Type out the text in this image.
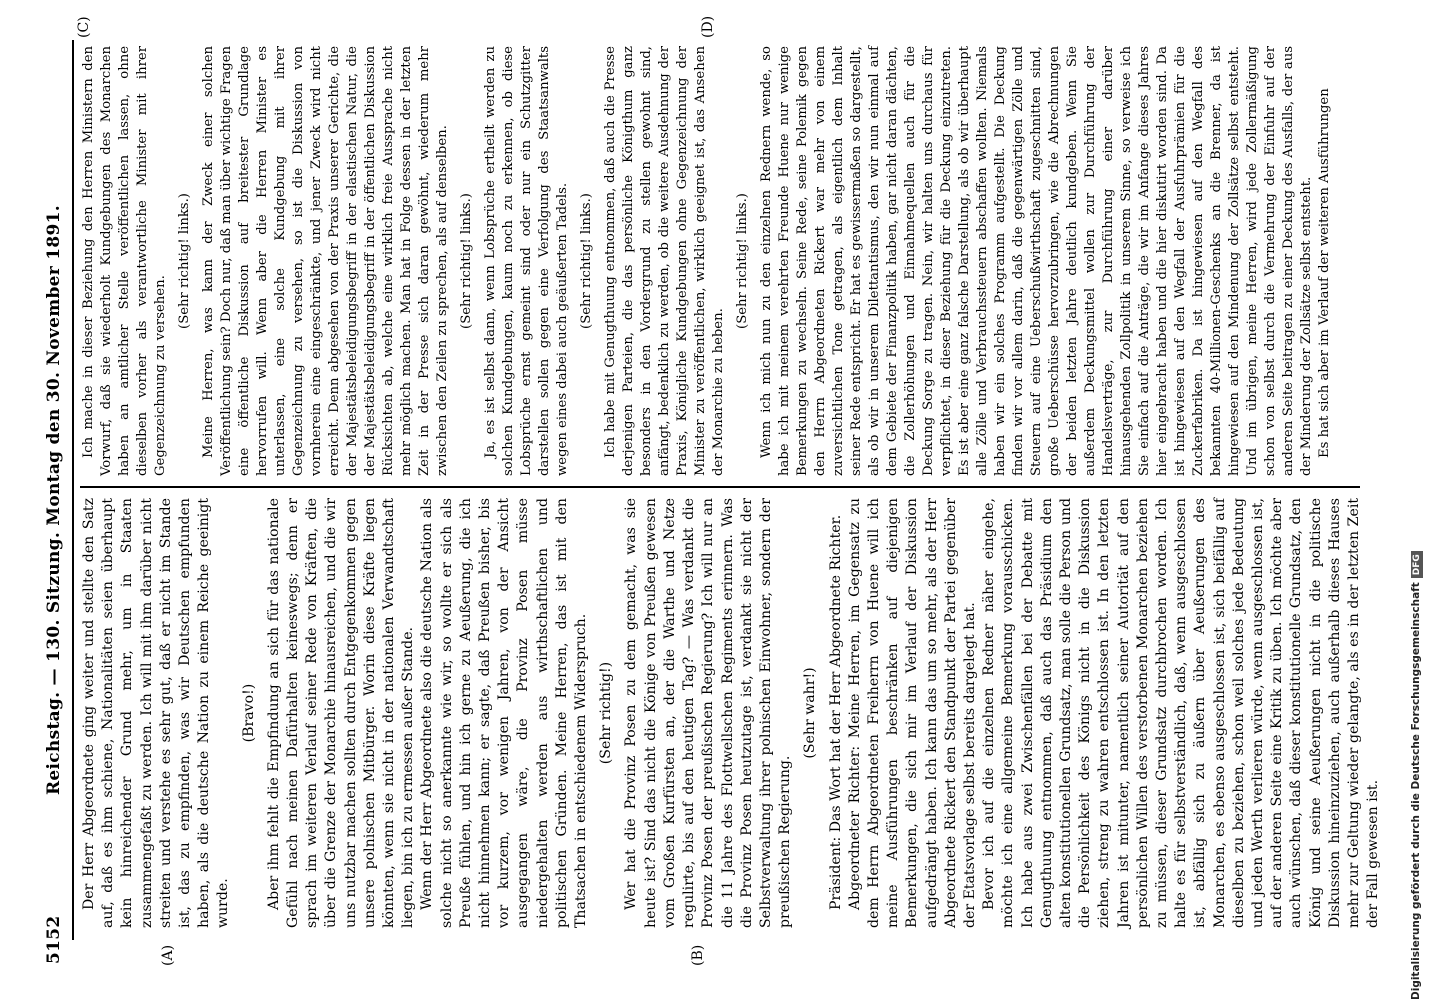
5152
Reichstag. — 130. Sitzung. Montag den 30. November 1891.
(A)	(B)
(C)	(D)

Der Herr Abgeordnete ging weiter und stellte den Satz auf, daß es ihm schiene, Nationalitäten seien überhaupt kein hinreichender Grund mehr, um in Staaten zusammengefaßt zu werden. Ich will mit ihm darüber nicht streiten und verstehe es sehr gut, daß er nicht im Stande ist, das zu empfinden, was wir Deutschen empfunden haben, als die deutsche Nation zu einem Reiche geeinigt wurde.

(Bravo!) Aber ihm fehlt die Empfindung an sich für das nationale Gefühl nach meinen Dafürhalten keineswegs; denn er sprach im weiteren Verlauf seiner Rede von Kräften, die über die Grenze der Monarchie hinausreichen, und die wir uns nutzbar machen sollten durch Entgegenkommen gegen unsere polnischen Mitbürger. Worin diese Kräfte liegen könnten, wenn sie nicht in der nationalen Verwandtschaft liegen, bin ich zu ermessen außer Stande. Wenn der Herr Abgeordnete also die deutsche Nation als solche nicht so anerkannte wie wir, so wollte er sich als Preuße fühlen, und hin ich gerne zu Aeußerung, die ich nicht hinnehmen kann; er sagte, daß Preußen bisher, bis vor kurzem, vor wenigen Jahren, von der Ansicht ausgegangen wäre, die Provinz Posen müsse niedergehalten werden aus wirthschaftlichen und politischen Gründen. Meine Herren, das ist mit den Thatsachen in entschiedenem Widerspruch. (Sehr richtig!) Wer hat die Provinz Posen zu dem gemacht, was sie heute ist? Sind das nicht die Könige von Preußen gewesen vom Großen Kurfürsten an, der die Warthe und Netze regulirte, bis auf den heutigen Tag? — Was verdankt die Provinz Posen der preußischen Regierung? Ich will nur an die 11 Jahre des Flottwellschen Regiments erinnern. Was die Provinz Posen heutzutage ist, verdankt sie nicht der Selbstverwaltung ihrer polnischen Einwohner, sondern der preußischen Regierung.

(Sehr wahr!) Präsident: Das Wort hat der Herr Abgeordnete Richter. Abgeordneter Richter: Meine Herren, im Gegensatz zu dem Herrn Abgeordneten Freiherrn von Huene will ich meine Ausführungen beschränken auf diejenigen Bemerkungen, die sich mir im Verlauf der Diskussion aufgedrängt haben. Ich kann das um so mehr, als der Herr Abgeordnete Rickert den Standpunkt der Partei gegenüber der Etatsvorlage selbst bereits dargelegt hat. Bevor ich auf die einzelnen Redner näher eingehe, möchte ich eine allgemeine Bemerkung vorausschicken. Ich habe aus zwei Zwischenfällen bei der Debatte mit Genugthuung entnommen, daß auch das Präsidium den alten konstitutionellen Grundsatz, man solle die Person und die Persönlichkeit des Königs nicht in die Diskussion ziehen, streng zu wahren entschlossen ist. In den letzten Jahren ist mitunter, namentlich seiner Autorität auf den persönlichen Willen des verstorbenen Monarchen beziehen zu müssen, dieser Grundsatz durchbrochen worden. Ich halte es für selbstverständlich, daß, wenn ausgeschlossen ist, abfällig sich zu äußern über Aeußerungen des Monarchen, es ebenso ausgeschlossen ist, sich beifällig auf dieselben zu beziehen, schon weil solches jede Bedeutung und jeden Werth verlieren würde, wenn ausgeschlossen ist, auf der anderen Seite eine Kritik zu üben. Ich möchte aber auch wünschen, daß dieser konstitutionelle Grundsatz, den König und seine Aeußerungen nicht in die politische Diskussion hineinzuziehen, auch außerhalb dieses Hauses mehr zur Geltung wieder gelangte, als es in der letzten Zeit der Fall gewesen ist.

Ich mache in dieser Beziehung den Herren Ministern den Vorwurf, daß sie wiederholt Kundgebungen des Monarchen haben an amtlicher Stelle veröffentlichen lassen, ohne dieselben vorher als verantwortliche Minister mit ihrer Gegenzeichnung zu versehen.

(Sehr richtig! links.) Meine Herren, was kann der Zweck einer solchen Veröffentlichung sein? Doch nur, daß man über wichtige Fragen eine öffentliche Diskussion auf breitester Grundlage hervorrufen will. Wenn aber die Herren Minister es unterlassen, eine solche Kundgebung mit ihrer Gegenzeichnung zu versehen, so ist die Diskussion von vornherein eine eingeschränkte, und jener Zweck wird nicht erreicht. Denn abgesehen von der Praxis unserer Gerichte, die der Majestätsbeleidigungsbegriff in der elastischen Natur, die der Majestätsbeleidigungsbegriff in der öffentlichen Diskussion Rücksichten ab, welche eine wirklich freie Aussprache nicht mehr möglich machen. Man hat in Folge dessen in der letzten Zeit in der Presse sich daran gewöhnt, wiederum mehr zwischen den Zeilen zu sprechen, als auf denselben. (Sehr richtig! links.) Ja, es ist selbst dann, wenn Lobsprüche ertheilt werden zu solchen Kundgebungen, kaum noch zu erkennen, ob diese Lobsprüche ernst gemeint sind oder nur ein Schutzgitter darstellen sollen gegen eine Verfolgung des Staatsanwalts wegen eines dabei auch geäußerten Tadels. (Sehr richtig! links.) Ich habe mit Genugthuung entnommen, daß auch die Presse derjenigen Parteien, die das persönliche Königthum ganz besonders in den Vordergrund zu stellen gewohnt sind, anfängt, bedenklich zu werden, ob die weitere Ausdehnung der Praxis, Königliche Kundgebungen ohne Gegenzeichnung der Minister zu veröffentlichen, wirklich geeignet ist, das Ansehen der Monarchie zu heben.

(Sehr richtig! links.) Wenn ich mich nun zu den einzelnen Rednern wende, so habe ich mit meinem verehrten Freunde Huene nur wenige Bemerkungen zu wechseln. Seine Rede, seine Polemik gegen den Herrn Abgeordneten Rickert war mehr von einem zuversichtlichen Tone getragen, als eigentlich dem Inhalt seiner Rede entspricht. Er hat es gewissermaßen so dargestellt, als ob wir in unserem Dilettantismus, den wir nun einmal auf dem Gebiete der Finanzpolitik haben, gar nicht daran dächten, die Zollerhöhungen und Einnahmequellen auch für die Deckung Sorge zu tragen. Nein, wir halten uns durchaus für verpflichtet, in dieser Beziehung für die Deckung einzutreten. Es ist aber eine ganz falsche Darstellung, als ob wir überhaupt alle Zölle und Verbrauchssteuern abschaffen wollten. Niemals haben wir ein solches Programm aufgestellt. Die Deckung finden wir vor allem darin, daß die gegenwärtigen Zölle und Steuern auf eine Ueberschußwirthschaft zugeschnitten sind, große Ueberschüsse hervorzubringen, wie die Abrechnungen der beiden letzten Jahre deutlich kundgeben. Wenn Sie außerdem Deckungsmittel wollen zur Durchführung der Handelsverträge, zur Durchführung einer darüber hinausgehenden Zollpolitik in unserem Sinne, so verweise ich Sie einfach auf die Anträge, die wir im Anfange dieses Jahres hier eingebracht haben und die hier diskutirt worden sind. Da ist hingewiesen auf den Wegfall der Ausfuhrprämien für die Zuckerfabriken. Da ist hingewiesen auf den Wegfall des bekannten 40-Millionen-Geschenks an die Brenner, da ist hingewiesen auf den Mindenung der Zollsätze selbst entsteht. Und im übrigen, meine Herren, wird jede Zollermäßigung schon von selbst durch die Vermehrung der Einfuhr auf der anderen Seite beitragen zu einer Deckung des Ausfalls, der aus der Minderung der Zollsätze selbst entsteht. Es hat sich aber im Verlauf der weiteren Ausführungen

Digitalisierung gefördert durch die Deutsche ForschungsgemeinschaftDFG
